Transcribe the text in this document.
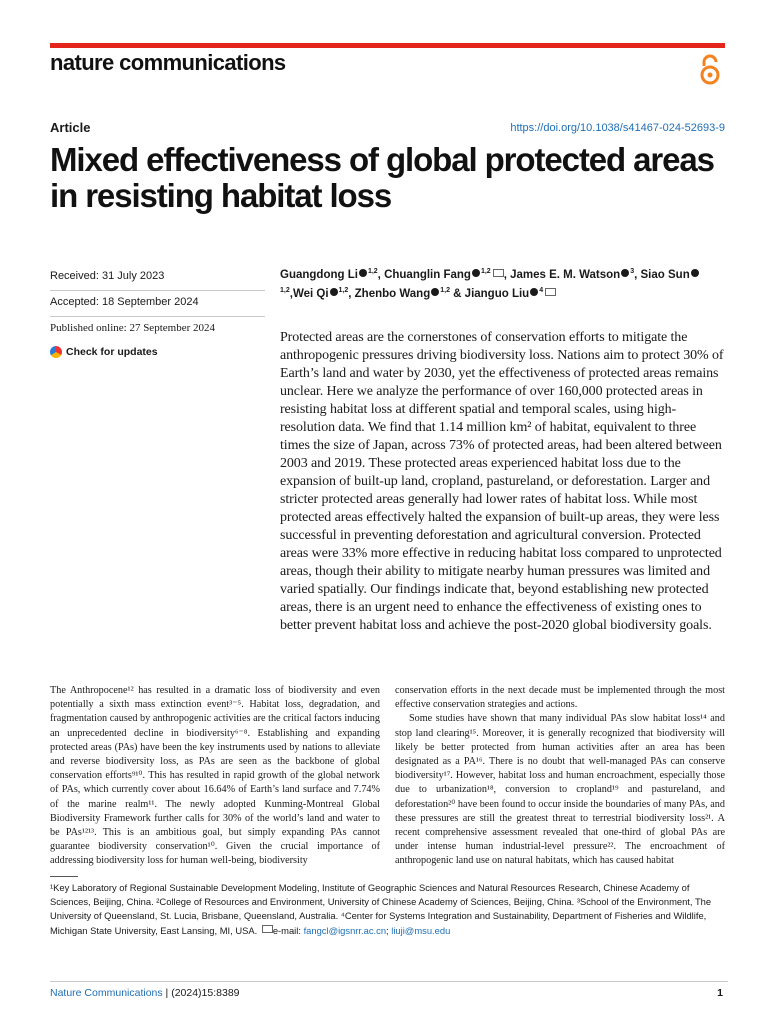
nature communications
Article	https://doi.org/10.1038/s41467-024-52693-9
Mixed effectiveness of global protected areas in resisting habitat loss
Received: 31 July 2023
Accepted: 18 September 2024
Published online: 27 September 2024
Check for updates
Guangdong Li $^{1,2}$, Chuanglin Fang $^{1,2}$ , James E. M. Watson $^3$, Siao Sun$^{1,2}$,Wei Qi $^{1,2}$, Zhenbo Wang $^{1,2}$ & Jianguo Liu $^4$

Protected areas are the cornerstones of conservation efforts to mitigate the anthropogenic pressures driving biodiversity loss. Nations aim to protect 30% of Earth’s land and water by 2030, yet the effectiveness of protected areas remains unclear. Here we analyze the performance of over 160,000 protected areas in resisting habitat loss at different spatial and temporal scales, using high-resolution data. We find that 1.14 million km² of habitat, equivalent to three times the size of Japan, across 73% of protected areas, had been altered between 2003 and 2019. These protected areas experienced habitat loss due to the expansion of built-up land, cropland, pastureland, or deforestation. Larger and stricter protected areas generally had lower rates of habitat loss. While most protected areas effectively halted the expansion of built-up areas, they were less successful in preventing deforestation and agricultural conversion. Protected areas were 33% more effective in reducing habitat loss compared to unprotected areas, though their ability to mitigate nearby human pressures was limited and varied spatially. Our findings indicate that, beyond establishing new protected areas, there is an urgent need to enhance the effectiveness of existing ones to better prevent habitat loss and achieve the post-2020 global biodiversity goals.

The Anthropocene¹² has resulted in a dramatic loss of biodiversity and even potentially a sixth mass extinction event³⁻⁵. Habitat loss, degradation, and fragmentation caused by anthropogenic activities are the critical factors inducing an unprecedented decline in biodiversity⁶⁻⁸. Establishing and expanding protected areas (PAs) have been the key instruments used by nations to alleviate and reverse biodiversity loss, as PAs are seen as the backbone of global conservation efforts⁹¹⁰. This has resulted in rapid growth of the global network of PAs, which currently cover about 16.64% of Earth’s land surface and 7.74% of the marine realm¹¹. The newly adopted Kunming-Montreal Global Biodiversity Framework further calls for 30% of the world’s land and water to be PAs¹²¹³. This is an ambitious goal, but simply expanding PAs cannot guarantee biodiversity conservation¹⁰. Given the crucial importance of addressing biodiversity loss for human well-being, biodiversity

conservation efforts in the next decade must be implemented through the most effective conservation strategies and actions.

Some studies have shown that many individual PAs slow habitat loss¹⁴ and stop land clearing¹⁵. Moreover, it is generally recognized that biodiversity will likely be better protected from human activities after an area has been designated as a PA¹⁶. There is no doubt that well-managed PAs can conserve biodiversity¹⁷. However, habitat loss and human encroachment, especially those due to urbanization¹⁸, conversion to cropland¹⁹ and pastureland, and deforestation²⁰ have been found to occur inside the boundaries of many PAs, and these pressures are still the greatest threat to terrestrial biodiversity loss²¹. A recent comprehensive assessment revealed that one-third of global PAs are under intense human industrial-level pressure²². The encroachment of anthropogenic land use on natural habitats, which has caused habitat

¹Key Laboratory of Regional Sustainable Development Modeling, Institute of Geographic Sciences and Natural Resources Research, Chinese Academy of Sciences, Beijing, China. ²College of Resources and Environment, University of Chinese Academy of Sciences, Beijing, China. ³School of the Environment, The University of Queensland, St. Lucia, Brisbane, Queensland, Australia. ⁴Center for Systems Integration and Sustainability, Department of Fisheries and Wildlife, Michigan State University, East Lansing, MI, USA. e-mail: fangcl@igsnrr.ac.cn; liuji@msu.edu

Nature Communications | (2024)15:8389	1
